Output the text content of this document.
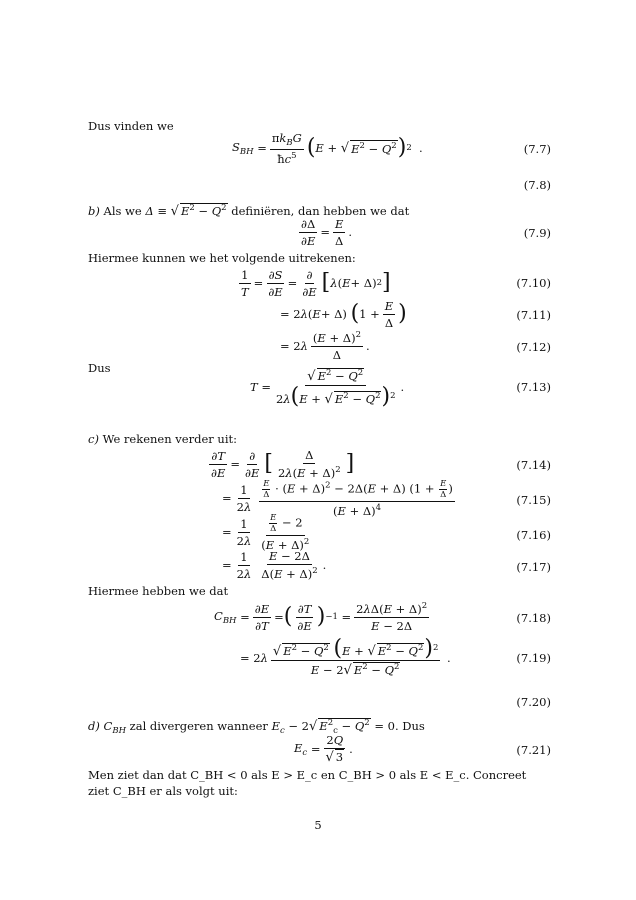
Dus vinden we
$S_{BH} = \frac{\pi k_BG}{ħc^5}$ ( E + √ $E^2 - Q^2$ ) 2 .	(7.7)
(7.8)
b) Als we Δ ≡ √ $E^2 - Q^2$ definiëren, dan hebben we dat
$\frac{\partial\Delta}{\partial E} = \frac{E}{\Delta}$ .	(7.9)
Hiermee kunnen we het volgende uitrekenen:
$\frac{1}{T} = \frac{\partial S}{\partial E} = \frac{\partial}{\partial E}$ [ λ ( E + Δ) 2 ]	(7.10)
= 2 λ ( E + Δ) ( $1 + \frac{E}{\Delta}$ )	(7.11)
= 2 λ $\frac{(E + \Delta)^2}{\Delta}$ .	(7.12)
Dus
$T = \frac{√ E^2 - Q^2}{2\lambda(E + √ E^2 - Q^2)^2}$ .	(7.13)
c) We rekenen verder uit:
$\frac{\partial T}{\partial E} = \frac{\partial}{\partial E}$ [ $\frac{\Delta}{2\lambda(E + \Delta)^2}$ ]	(7.14)
= $\frac{1}{2\lambda} \frac{\frac{E}{\Delta} \cdot (E + \Delta)^2 - 2\Delta(E + \Delta) (1 + \frac{E}{\Delta} )}{(E + \Delta)^4}$	(7.15)
= $\frac{1}{2\lambda} \frac{\frac{E}{\Delta} - 2}{(E + \Delta)^2}$	(7.16)
= $\frac{1}{2\lambda} \frac{E - 2\Delta}{\Delta(E + \Delta)^2}$ .	(7.17)
Hiermee hebben we dat
$C_{BH} = \frac{\partial E}{\partial T}$ = ( $\frac{\partial T}{\partial E}$ ) $-1 = \frac{2\lambda\Delta(E + \Delta)^2}{E - 2\Delta}$	(7.18)
= 2 λ $\frac{√ E^2 - Q^2 (E + √ E^2 - Q^2)^2}{E - 2√ E^2 - Q^2}$ .	(7.19)
(7.20)
d) $C_{BH}$ zal divergeren wanneer $E_c - 2√$ $E^2_c - Q^2 = 0$. Dus
$E_c = \frac{2Q}{√ 3}$ .	(7.21)
Men ziet dan dat C_BH < 0 als E > E_c en C_BH > 0 als E < E_c. Concreet ziet C_BH er als volgt uit:
5
